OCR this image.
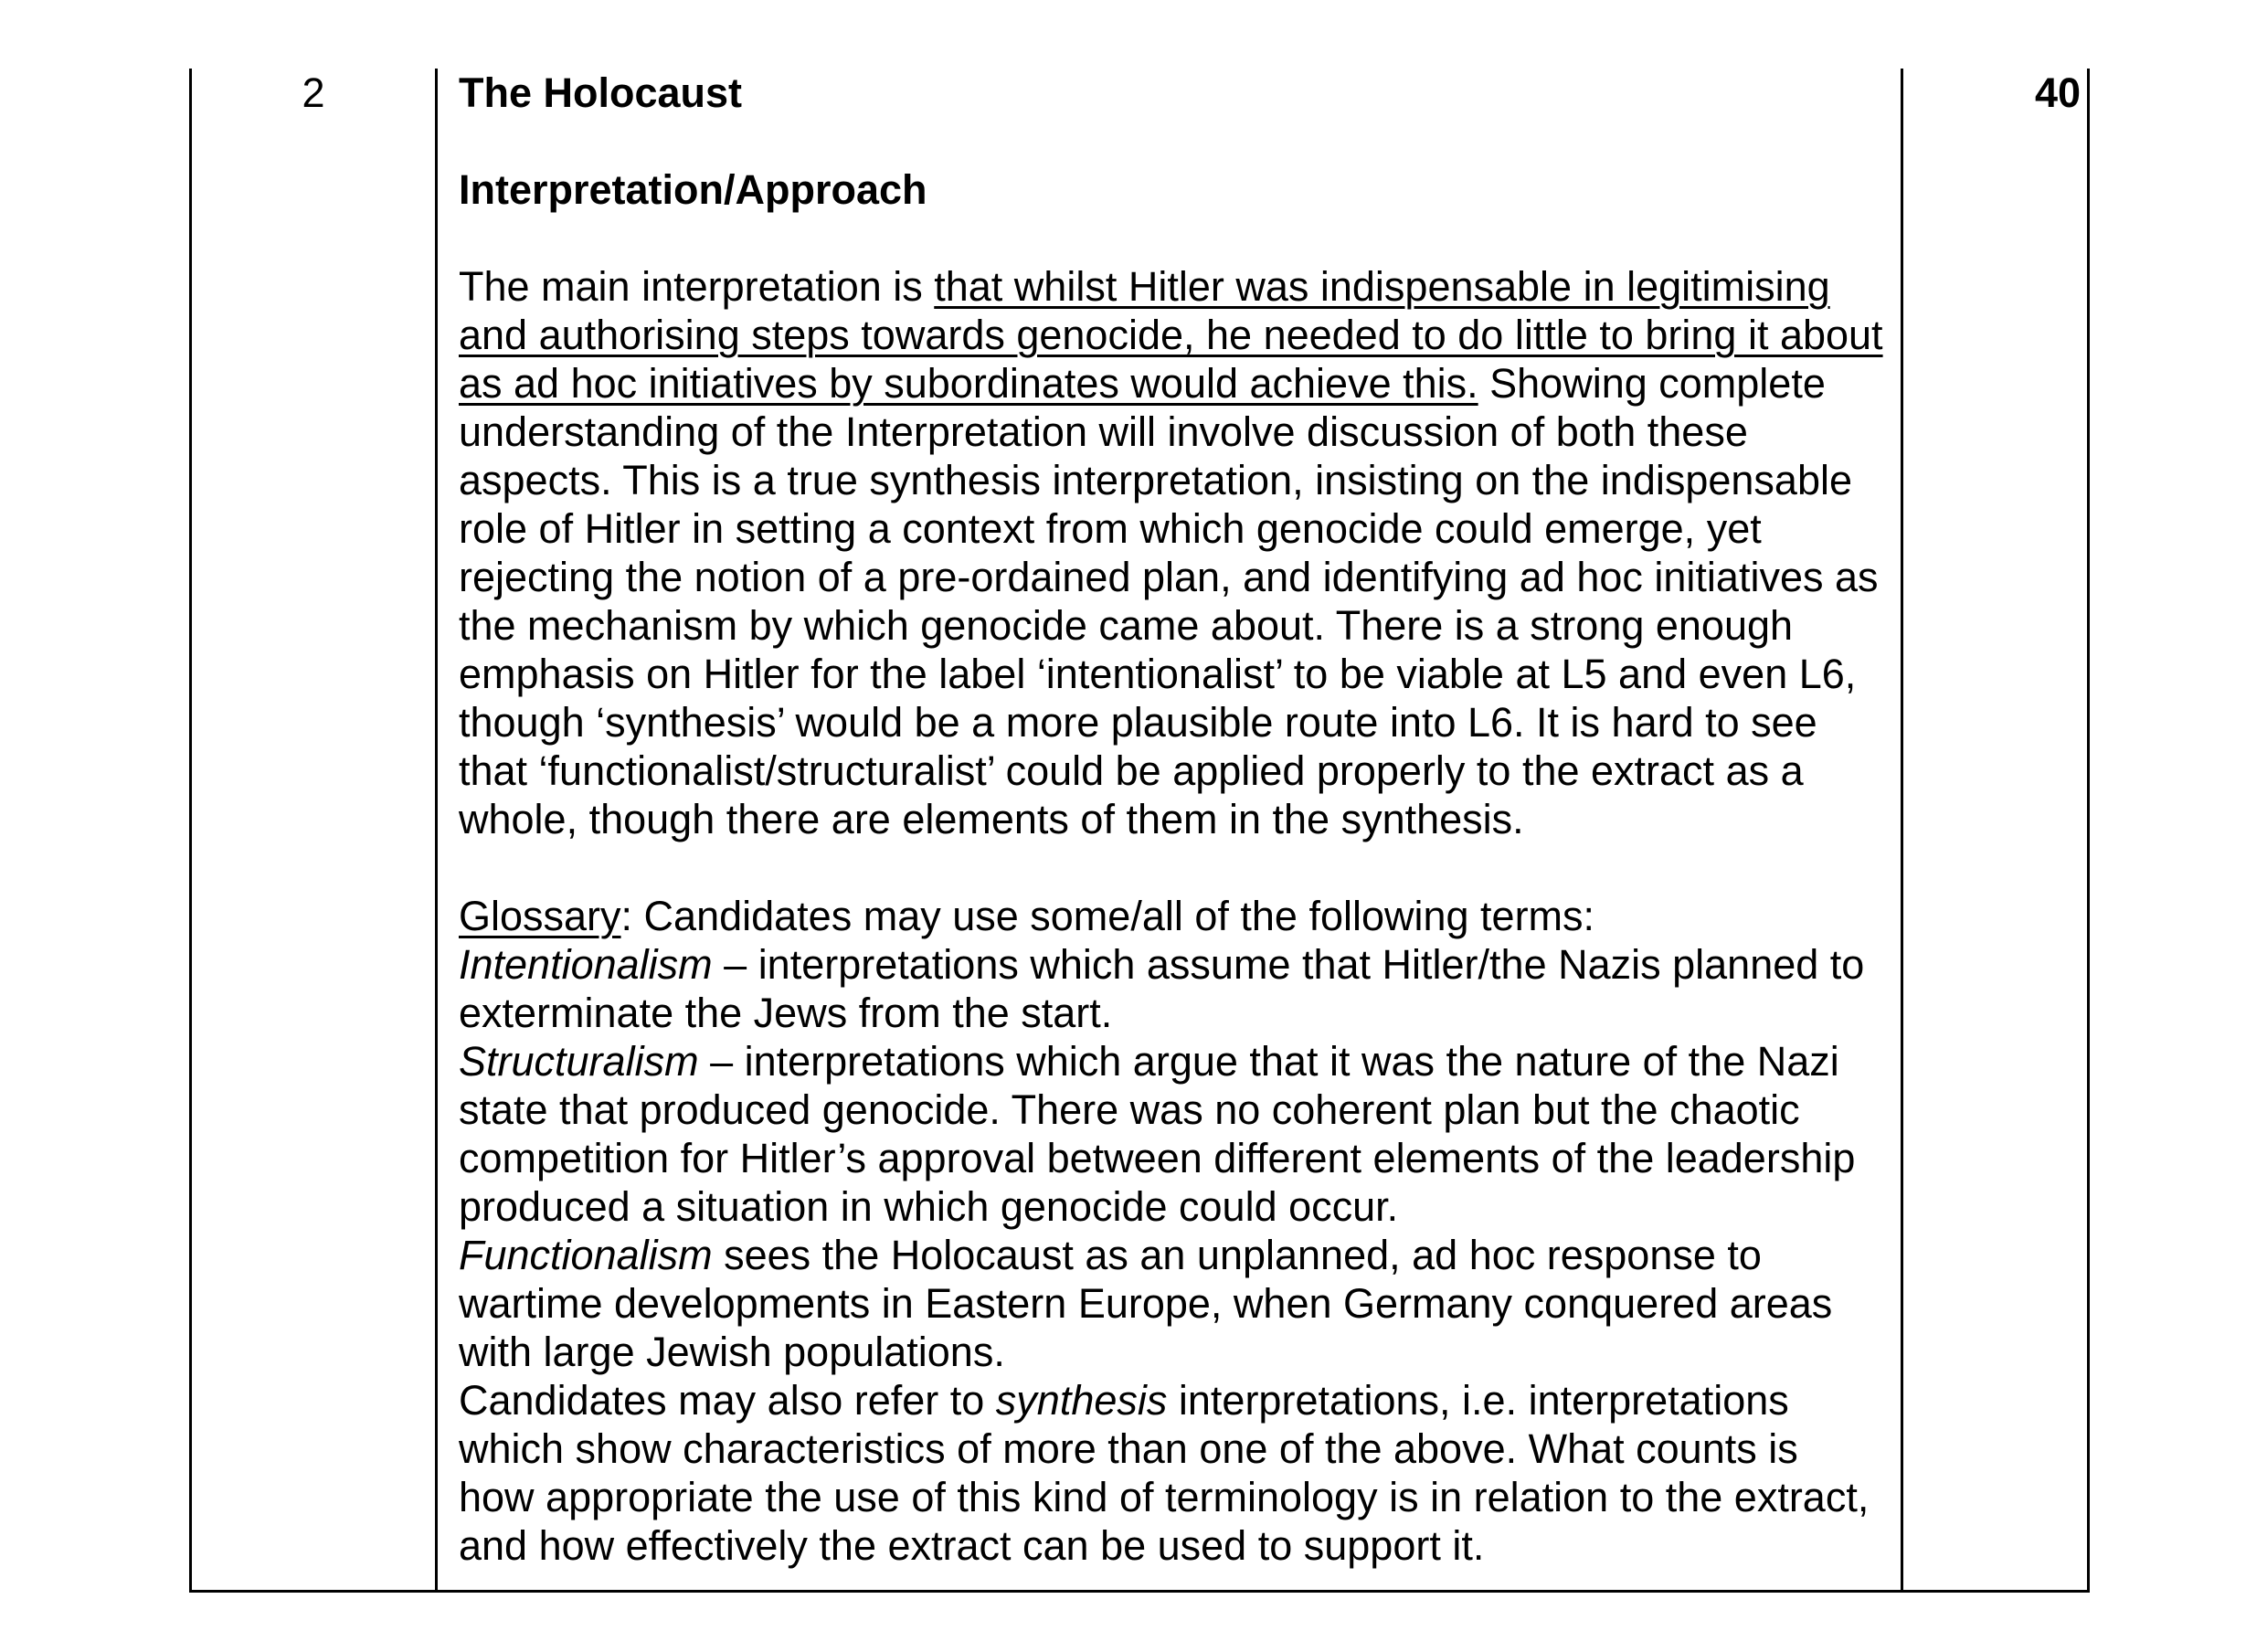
2	The Holocaust

Interpretation/Approach

The main interpretation is that whilst Hitler was indispensable in legitimising and authorising steps towards genocide, he needed to do little to bring it about as ad hoc initiatives by subordinates would achieve this. Showing complete understanding of the Interpretation will involve discussion of both these aspects. This is a true synthesis interpretation, insisting on the indispensable role of Hitler in setting a context from which genocide could emerge, yet rejecting the notion of a pre-ordained plan, and identifying ad hoc initiatives as the mechanism by which genocide came about. There is a strong enough emphasis on Hitler for the label ‘intentionalist’ to be viable at L5 and even L6, though ‘synthesis’ would be a more plausible route into L6. It is hard to see that ‘functionalist/structuralist’ could be applied properly to the extract as a whole, though there are elements of them in the synthesis.

Glossary: Candidates may use some/all of the following terms:
Intentionalism – interpretations which assume that Hitler/the Nazis planned to exterminate the Jews from the start.
Structuralism – interpretations which argue that it was the nature of the Nazi state that produced genocide. There was no coherent plan but the chaotic competition for Hitler’s approval between different elements of the leadership produced a situation in which genocide could occur.
Functionalism sees the Holocaust as an unplanned, ad hoc response to wartime developments in Eastern Europe, when Germany conquered areas with large Jewish populations.
Candidates may also refer to synthesis interpretations, i.e. interpretations which show characteristics of more than one of the above. What counts is how appropriate the use of this kind of terminology is in relation to the extract, and how effectively the extract can be used to support it.

40
